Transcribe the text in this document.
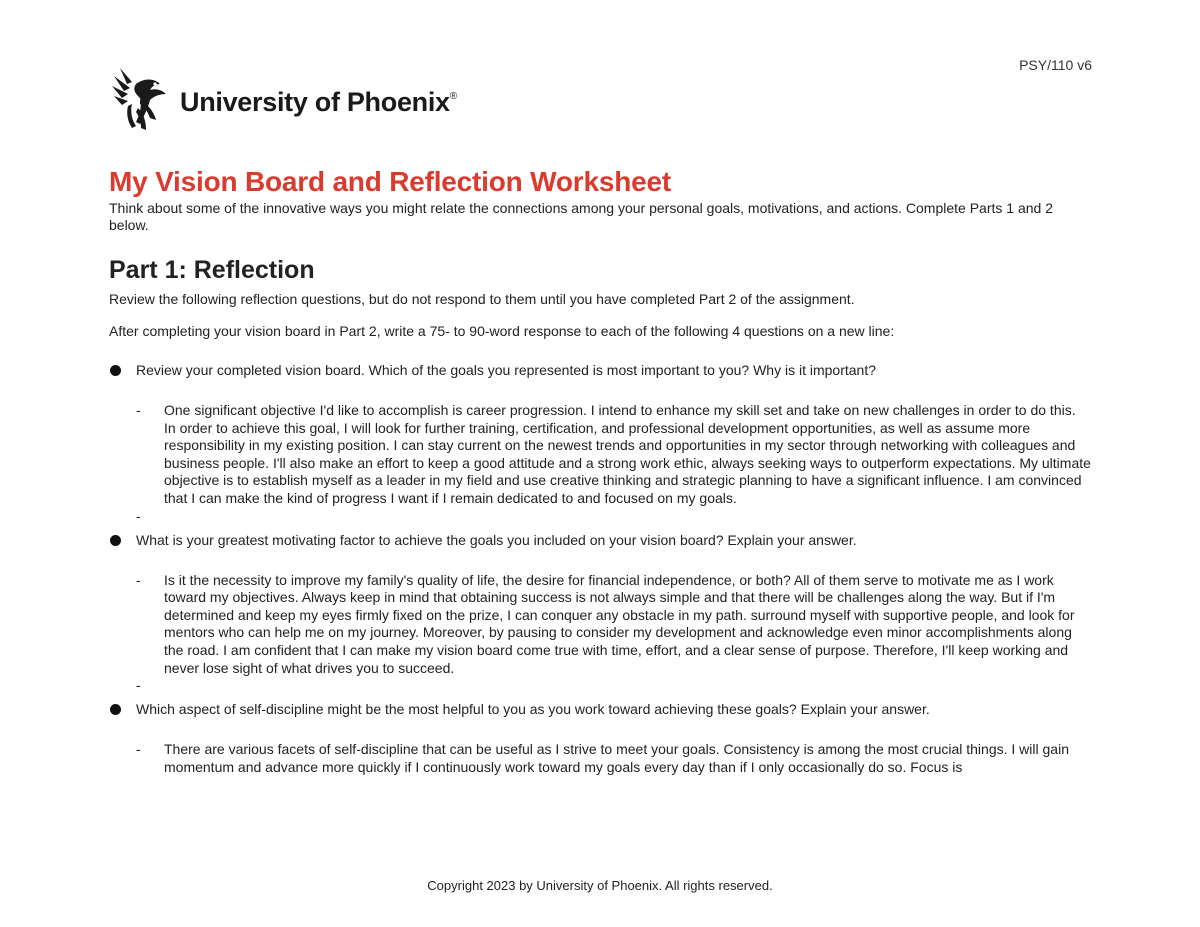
PSY/110 v6
University of Phoenix®
My Vision Board and Reflection Worksheet

Think about some of the innovative ways you might relate the connections among your personal goals, motivations, and actions. Complete Parts 1 and 2 below.

Part 1: Reflection

Review the following reflection questions, but do not respond to them until you have completed Part 2 of the assignment.

After completing your vision board in Part 2, write a 75- to 90-word response to each of the following 4 questions on a new line:

Review your completed vision board. Which of the goals you represented is most important to you? Why is it important?
- One significant objective I'd like to accomplish is career progression. I intend to enhance my skill set and take on new challenges in order to do this. In order to achieve this goal, I will look for further training, certification, and professional development opportunities, as well as assume more responsibility in my existing position. I can stay current on the newest trends and opportunities in my sector through networking with colleagues and business people. I'll also make an effort to keep a good attitude and a strong work ethic, always seeking ways to outperform expectations. My ultimate objective is to establish myself as a leader in my field and use creative thinking and strategic planning to have a significant influence. I am convinced that I can make the kind of progress I want if I remain dedicated to and focused on my goals.
-
What is your greatest motivating factor to achieve the goals you included on your vision board? Explain your answer.
- Is it the necessity to improve my family's quality of life, the desire for financial independence, or both? All of them serve to motivate me as I work toward my objectives. Always keep in mind that obtaining success is not always simple and that there will be challenges along the way. But if I'm determined and keep my eyes firmly fixed on the prize, I can conquer any obstacle in my path. surround myself with supportive people, and look for mentors who can help me on my journey. Moreover, by pausing to consider my development and acknowledge even minor accomplishments along the road. I am confident that I can make my vision board come true with time, effort, and a clear sense of purpose. Therefore, I'll keep working and never lose sight of what drives you to succeed.
-
Which aspect of self-discipline might be the most helpful to you as you work toward achieving these goals? Explain your answer.
- There are various facets of self-discipline that can be useful as I strive to meet your goals. Consistency is among the most crucial things. I will gain momentum and advance more quickly if I continuously work toward my goals every day than if I only occasionally do so. Focus is
Copyright 2023 by University of Phoenix. All rights reserved.
